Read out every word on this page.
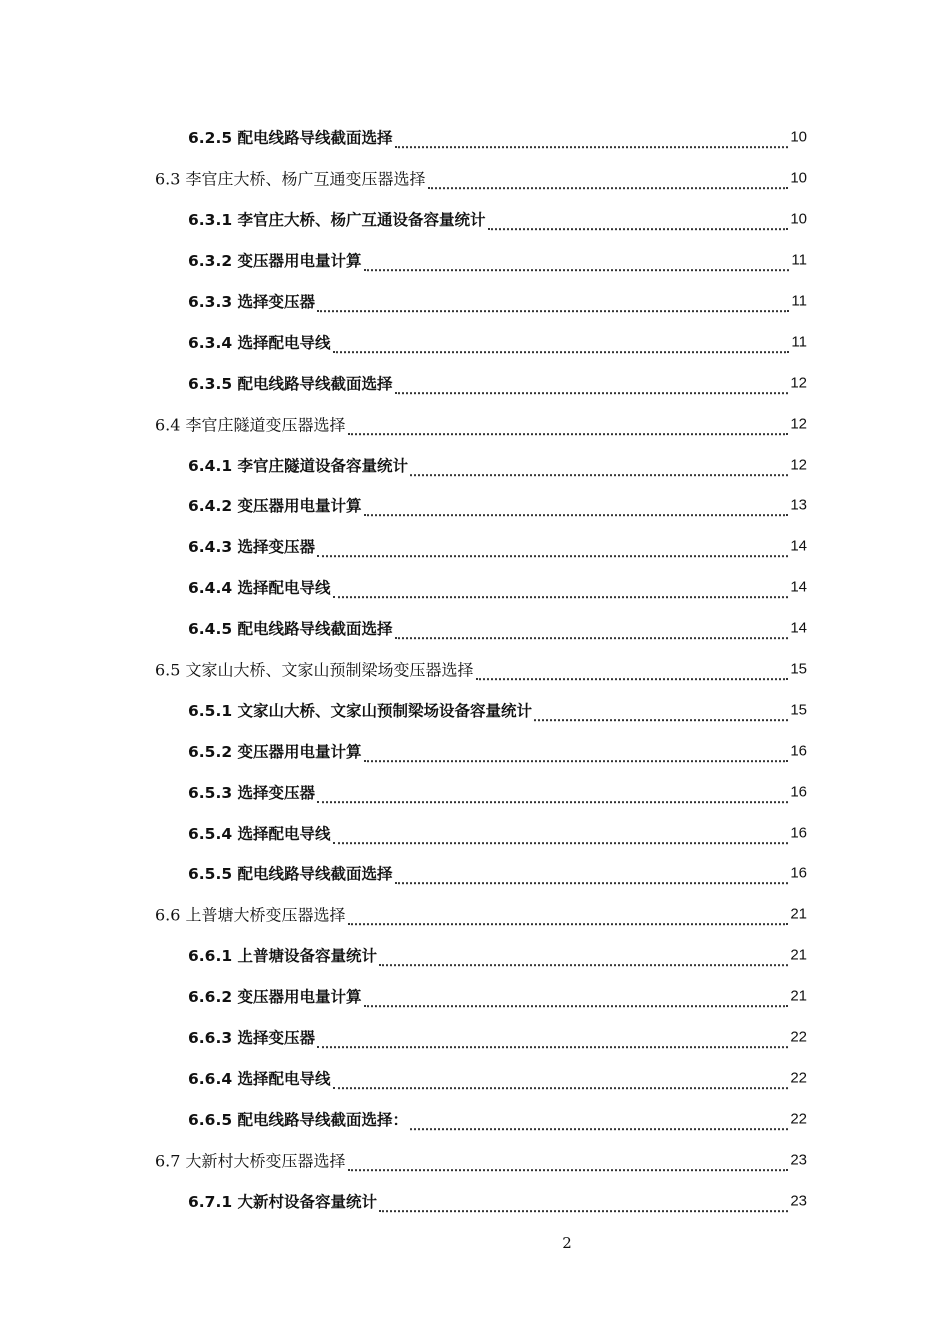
6.2.5 配电线路导线截面选择	10
6.3 李官庄大桥、杨广互通变压器选择	10
6.3.1 李官庄大桥、杨广互通设备容量统计	10
6.3.2 变压器用电量计算	11
6.3.3 选择变压器	11
6.3.4 选择配电导线	11
6.3.5 配电线路导线截面选择	12
6.4 李官庄隧道变压器选择	12
6.4.1 李官庄隧道设备容量统计	12
6.4.2 变压器用电量计算	13
6.4.3 选择变压器	14
6.4.4 选择配电导线	14
6.4.5 配电线路导线截面选择	14
6.5 文家山大桥、文家山预制梁场变压器选择	15
6.5.1 文家山大桥、文家山预制梁场设备容量统计	15
6.5.2 变压器用电量计算	16
6.5.3 选择变压器	16
6.5.4 选择配电导线	16
6.5.5 配电线路导线截面选择	16
6.6 上普塘大桥变压器选择	21
6.6.1 上普塘设备容量统计	21
6.6.2 变压器用电量计算	21
6.6.3 选择变压器	22
6.6.4 选择配电导线	22
6.6.5 配电线路导线截面选择：	22
6.7 大新村大桥变压器选择	23
6.7.1 大新村设备容量统计	23
2
